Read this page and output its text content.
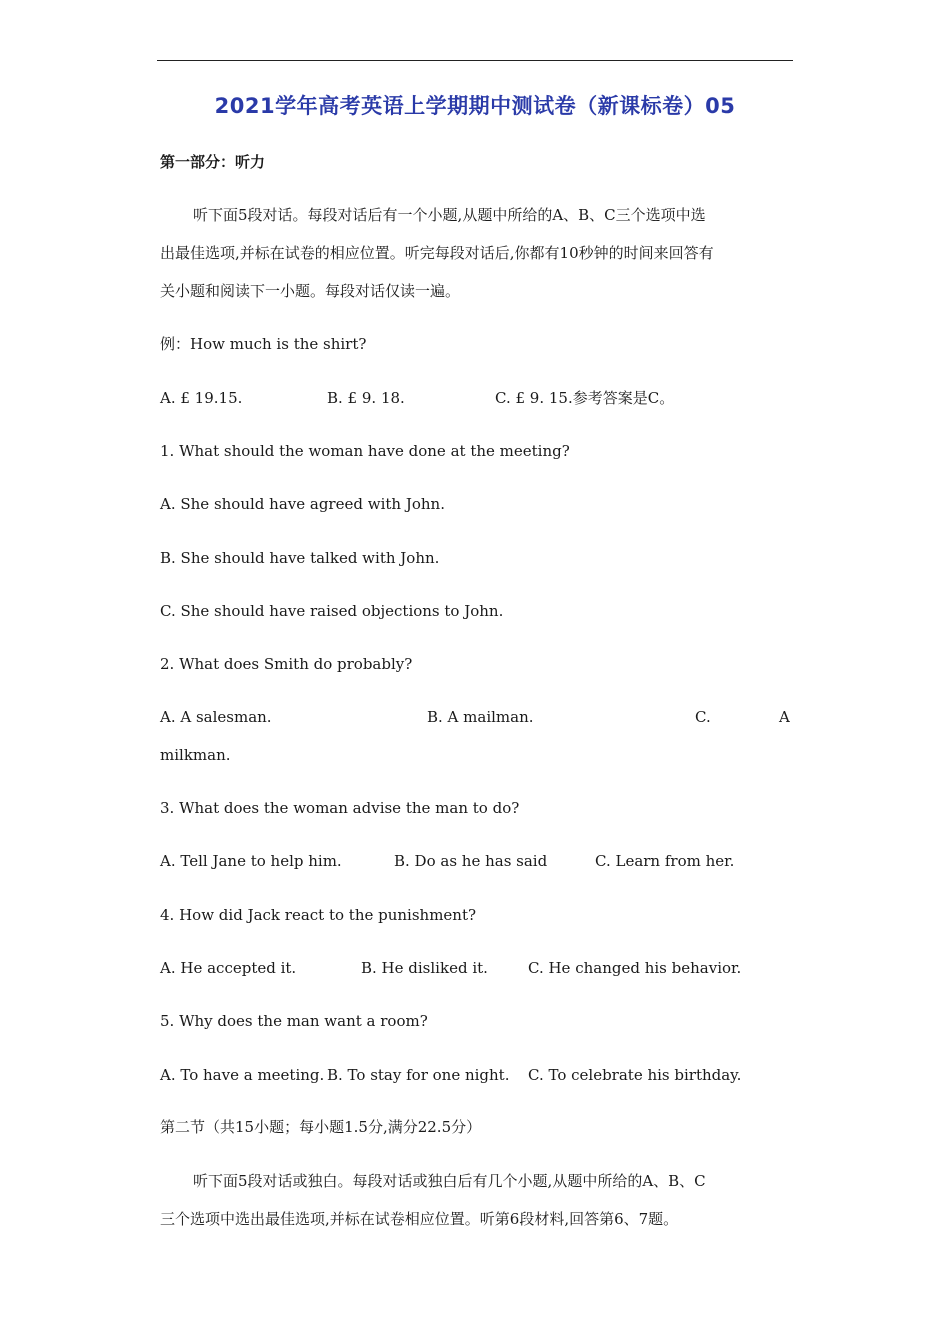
2021学年高考英语上学期期中测试卷（新课标卷）05
第一部分：听力
听下面5段对话。每段对话后有一个小题,从题中所给的A、B、C三个选项中选
出最佳选项,并标在试卷的相应位置。听完每段对话后,你都有10秒钟的时间来回答有
关小题和阅读下一小题。每段对话仅读一遍。
例：How much is the shirt?
A. £ 19.15.	B. £ 9. 18.	C. £ 9. 15.参考答案是C。
1. What should the woman have done at the meeting?
A. She should have agreed with John.
B. She should have talked with John.
C. She should have raised objections to John.
2. What does Smith do probably?
A. A salesman.	B. A mailman.	C.	A
milkman.
3. What does the woman advise the man to do?
A. Tell Jane to help him.	B. Do as he has said	C. Learn from her.
4. How did Jack react to the punishment?
A. He accepted it.	B. He disliked it.	C. He changed his behavior.
5. Why does the man want a room?
A. To have a meeting. B. To stay for one night. C. To celebrate his birthday.
第二节（共15小题；每小题1.5分,满分22.5分）
听下面5段对话或独白。每段对话或独白后有几个小题,从题中所给的A、B、C
三个选项中选出最佳选项,并标在试卷相应位置。听第6段材料,回答第6、7题。
